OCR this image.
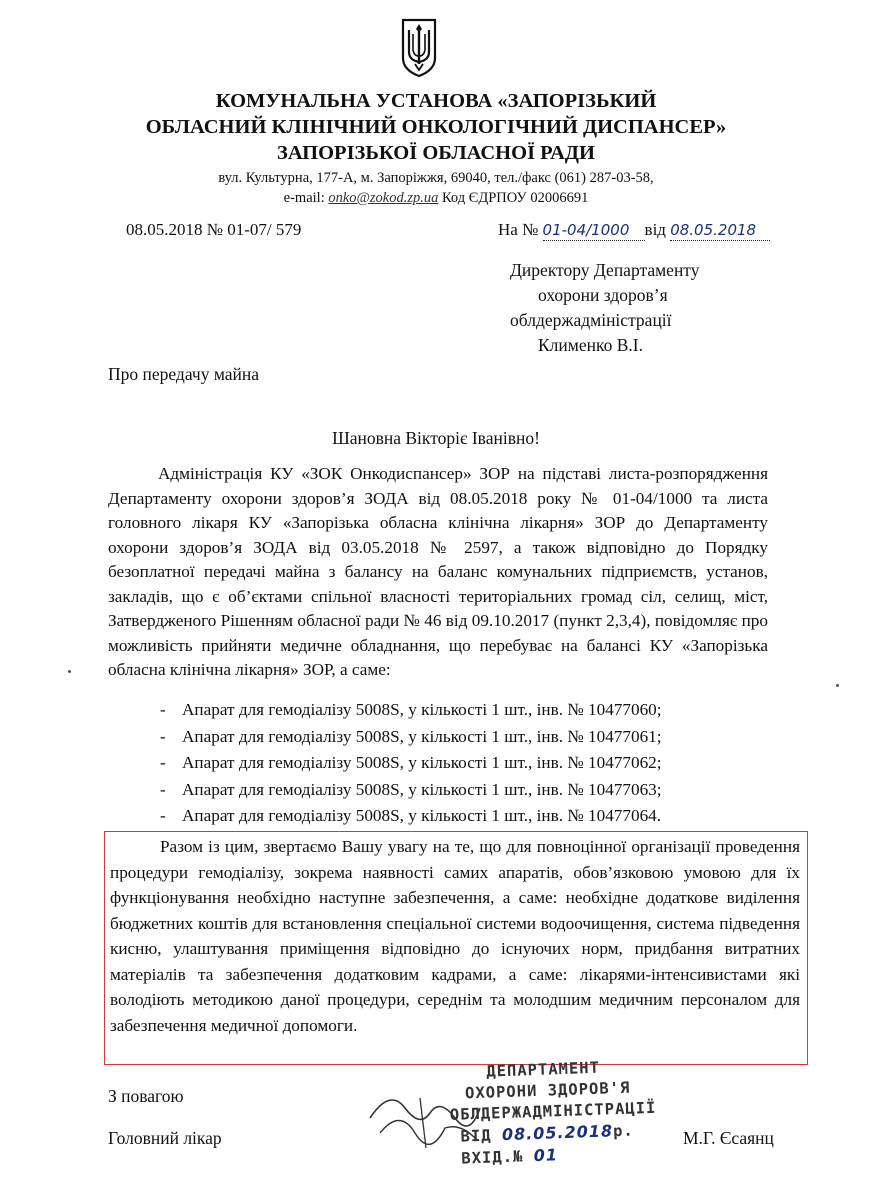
КОМУНАЛЬНА УСТАНОВА «ЗАПОРІЗЬКИЙ
ОБЛАСНИЙ КЛІНІЧНИЙ ОНКОЛОГІЧНИЙ ДИСПАНСЕР»
ЗАПОРІЗЬКОЇ ОБЛАСНОЇ РАДИ
вул. Культурна, 177-А, м. Запоріжжя, 69040, тел./факс (061) 287-03-58,
e-mail: onko@zokod.zp.ua Код ЄДРПОУ 02006691
08.05.2018 № 01-07/ 579	На № 01-04/1000 від 08.05.2018
Директору Департаменту
охорони здоров’я
облдержадміністрації
Клименко В.І.
Про передачу майна
Шановна Вікторіє Іванівно!
Адміністрація КУ «ЗОК Онкодиспансер» ЗОР на підставі листа-розпорядження Департаменту охорони здоров’я ЗОДА від 08.05.2018 року № 01-04/1000 та листа головного лікаря КУ «Запорізька обласна клінічна лікарня» ЗОР до Департаменту охорони здоров’я ЗОДА від 03.05.2018 № 2597, а також відповідно до Порядку безоплатної передачі майна з балансу на баланс комунальних підприємств, установ, закладів, що є об’єктами спільної власності територіальних громад сіл, селищ, міст, Затвердженого Рішенням обласної ради № 46 від 09.10.2017 (пункт 2,3,4), повідомляє про можливість прийняти медичне обладнання, що перебуває на балансі КУ «Запорізька обласна клінічна лікарня» ЗОР, а саме:
- Апарат для гемодіалізу 5008S, у кількості 1 шт., інв. № 10477060;
- Апарат для гемодіалізу 5008S, у кількості 1 шт., інв. № 10477061;
- Апарат для гемодіалізу 5008S, у кількості 1 шт., інв. № 10477062;
- Апарат для гемодіалізу 5008S, у кількості 1 шт., інв. № 10477063;
- Апарат для гемодіалізу 5008S, у кількості 1 шт., інв. № 10477064.
Разом із цим, звертаємо Вашу увагу на те, що для повноцінної організації проведення процедури гемодіалізу, зокрема наявності самих апаратів, обов’язковою умовою для їх функціонування необхідно наступне забезпечення, а саме: необхідне додаткове виділення бюджетних коштів для встановлення спеціальної системи водоочищення, система підведення кисню, улаштування приміщення відповідно до існуючих норм, придбання витратних матеріалів та забезпечення додатковим кадрами, а саме: лікарями-інтенсивистами які володіють методикою даної процедури, середнім та молодшим медичним персоналом для забезпечення медичної допомоги.
З повагою
Головний лікар	М.Г. Єсаянц
ДЕПАРТАМЕНТ
ОХОРОНИ ЗДОРОВ'Я
ОБЛДЕРЖАДМІНІСТРАЦІЇ
ВІД 08.05.2018р.
ВХІД.№ 01
